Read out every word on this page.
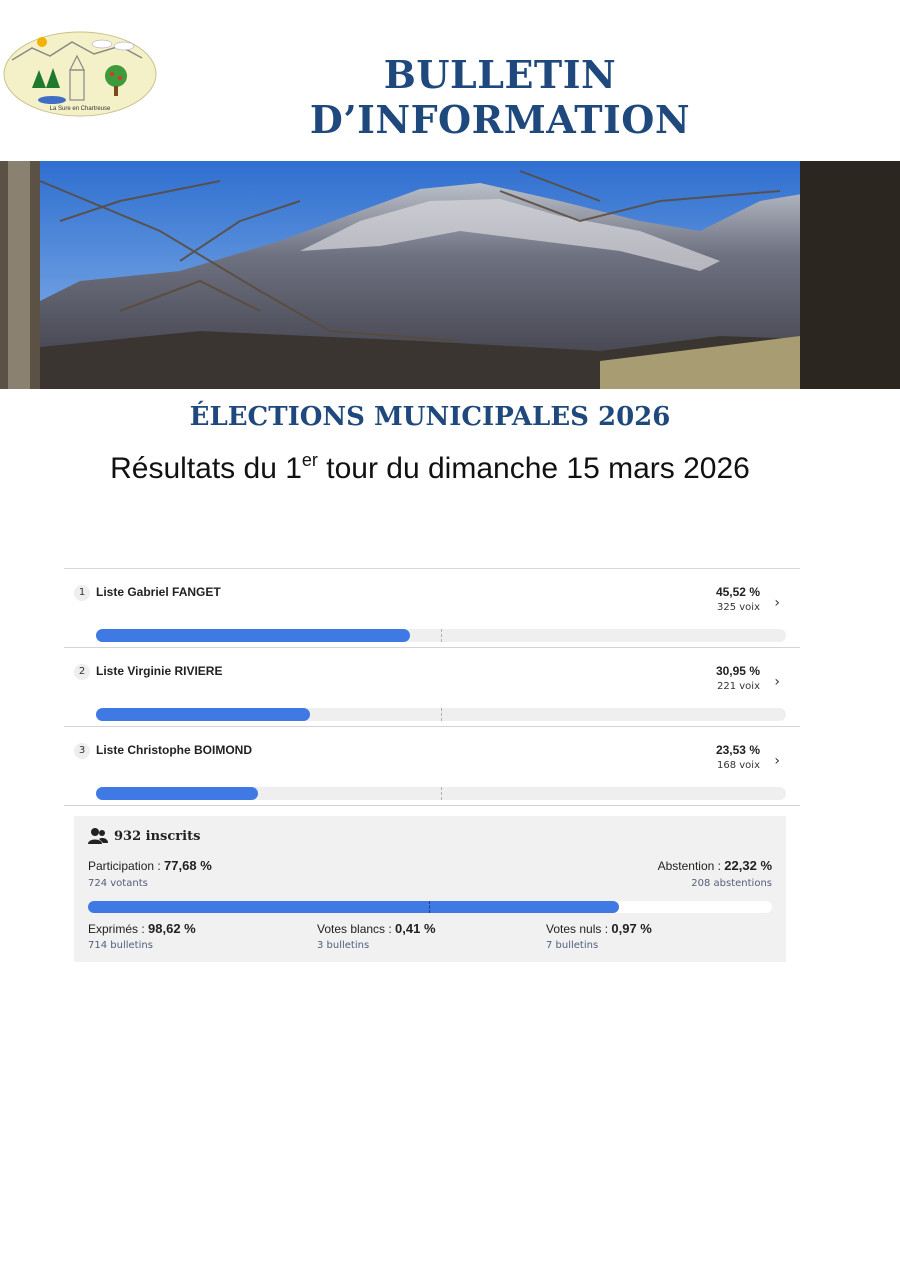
La Sure en Chartreuse
BULLETIN D’INFORMATION
ÉLECTIONS MUNICIPALES 2026
Résultats du 1er tour du dimanche 15 mars 2026
1 Liste Gabriel FANGET	45,52 %
325 voix ›
2 Liste Virginie RIVIERE	30,95 %
221 voix ›
3 Liste Christophe BOIMOND	23,53 %
168 voix ›
932 inscrits
Participation : 77,68 %
724 votants
Abstention : 22,32 %
208 abstentions
Exprimés : 98,62 %
714 bulletins
Votes blancs : 0,41 %
3 bulletins
Votes nuls : 0,97 %
7 bulletins
